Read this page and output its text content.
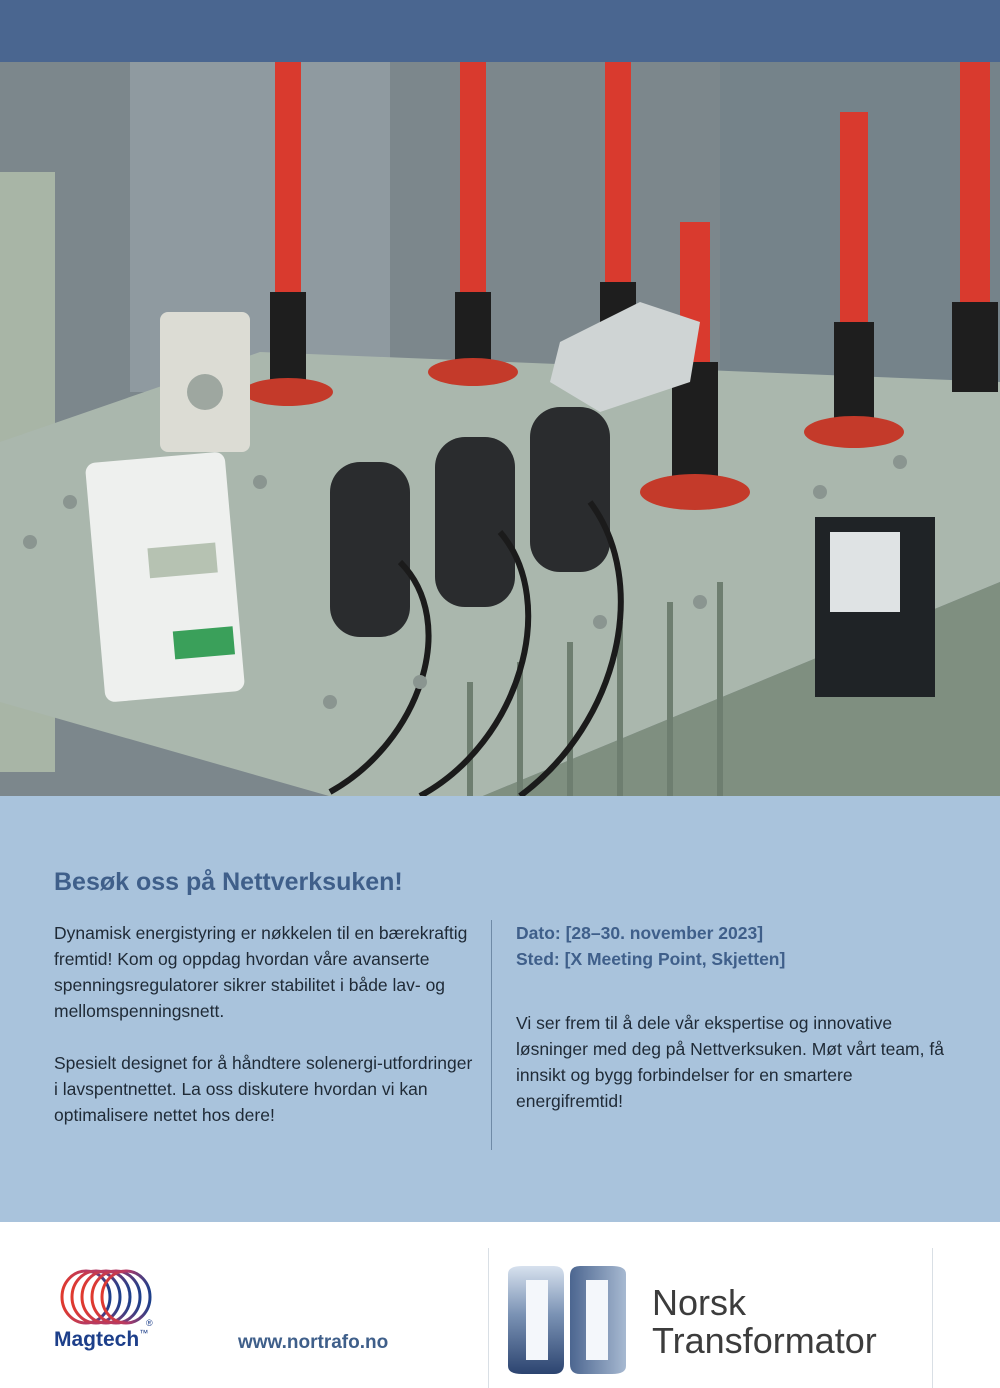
Besøk oss på Nettverksuken!

Dynamisk energistyring er nøkkelen til en bærekraftig fremtid! Kom og oppdag hvordan våre avanserte spenningsregulatorer sikrer stabilitet i både lav- og mellomspenningsnett.

Spesielt designet for å håndtere solenergi-utfordringer i lavspentnettet. La oss diskutere hvordan vi kan optimalisere nettet hos dere!

Dato: [28–30. november 2023]
Sted: [X Meeting Point, Skjetten]

Vi ser frem til å dele vår ekspertise og innovative løsninger med deg på Nettverksuken. Møt vårt team, få innsikt og bygg forbindelser for en smartere energifremtid!

®
Magtech™	www.nortrafo.no
Norsk
Transformator
